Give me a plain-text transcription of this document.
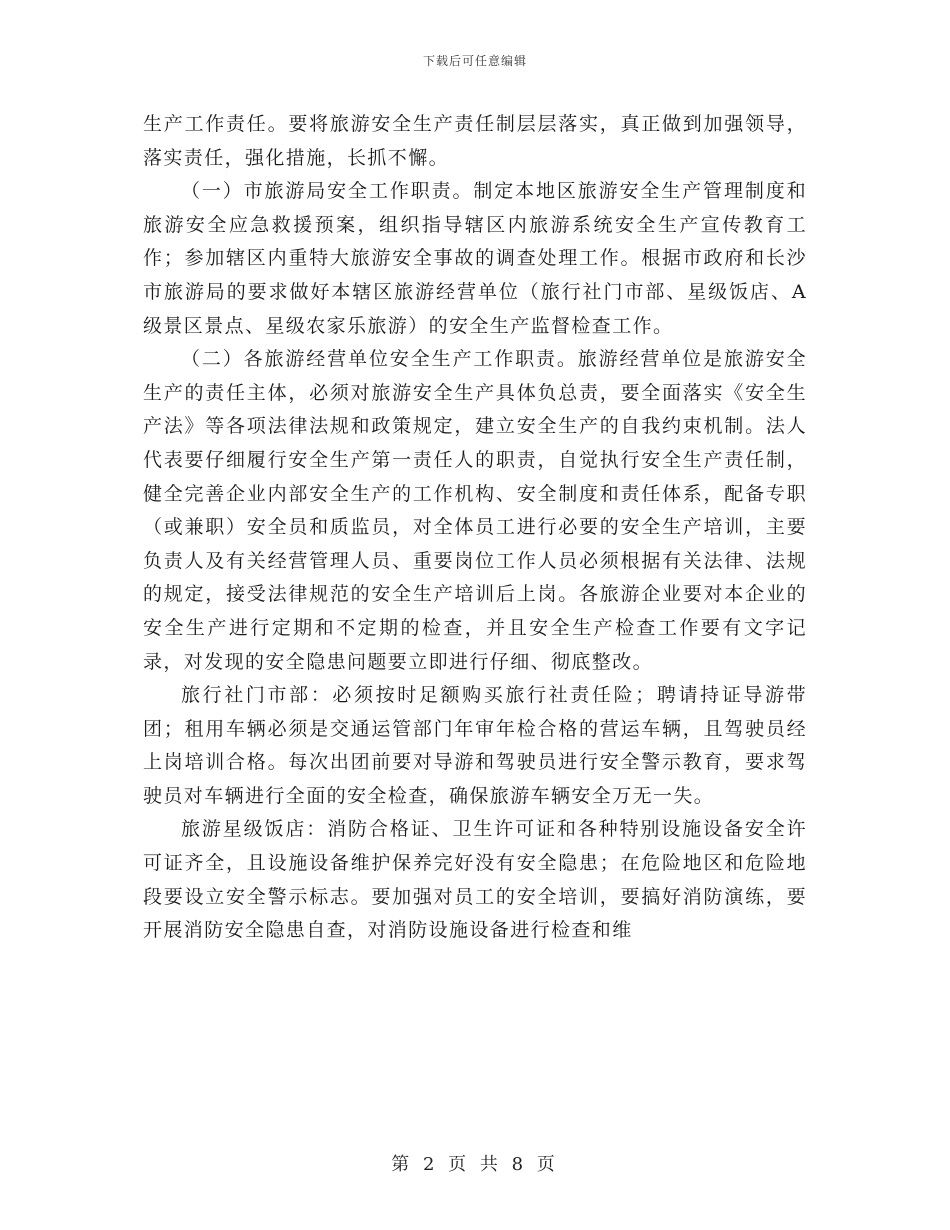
下载后可任意编辑

生产工作责任。要将旅游安全生产责任制层层落实，真正做到加强领导，落实责任，强化措施，长抓不懈。

（一）市旅游局安全工作职责。制定本地区旅游安全生产管理制度和旅游安全应急救援预案，组织指导辖区内旅游系统安全生产宣传教育工作；参加辖区内重特大旅游安全事故的调查处理工作。根据市政府和长沙市旅游局的要求做好本辖区旅游经营单位（旅行社门市部、星级饭店、A级景区景点、星级农家乐旅游）的安全生产监督检查工作。

（二）各旅游经营单位安全生产工作职责。旅游经营单位是旅游安全生产的责任主体，必须对旅游安全生产具体负总责，要全面落实《安全生产法》等各项法律法规和政策规定，建立安全生产的自我约束机制。法人代表要仔细履行安全生产第一责任人的职责，自觉执行安全生产责任制，健全完善企业内部安全生产的工作机构、安全制度和责任体系，配备专职（或兼职）安全员和质监员，对全体员工进行必要的安全生产培训，主要负责人及有关经营管理人员、重要岗位工作人员必须根据有关法律、法规的规定，接受法律规范的安全生产培训后上岗。各旅游企业要对本企业的安全生产进行定期和不定期的检查，并且安全生产检查工作要有文字记录，对发现的安全隐患问题要立即进行仔细、彻底整改。

旅行社门市部：必须按时足额购买旅行社责任险；聘请持证导游带团；租用车辆必须是交通运管部门年审年检合格的营运车辆，且驾驶员经上岗培训合格。每次出团前要对导游和驾驶员进行安全警示教育，要求驾驶员对车辆进行全面的安全检查，确保旅游车辆安全万无一失。

旅游星级饭店：消防合格证、卫生许可证和各种特别设施设备安全许可证齐全，且设施设备维护保养完好没有安全隐患；在危险地区和危险地段要设立安全警示标志。要加强对员工的安全培训，要搞好消防演练，要开展消防安全隐患自查，对消防设施设备进行检查和维

第 2 页 共 8 页
